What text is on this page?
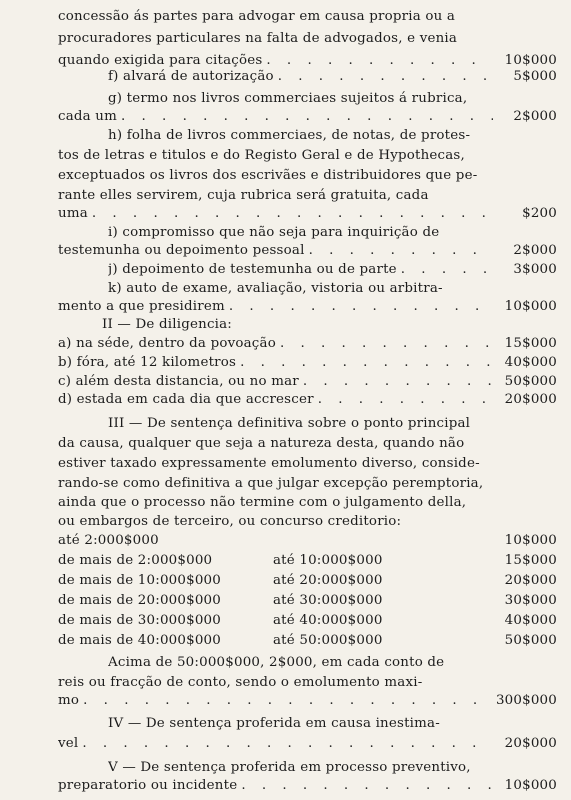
concessão ás partes para advogar em causa propria ou a
procuradores particulares na falta de advogados, e venia
quando exigida para citações . . .	10$000
f) alvará de autorização . . .	5$000
g) termo nos livros commerciaes sujeitos á rubrica,
cada um . . .	2$000
h) folha de livros commerciaes, de notas, de protes-
tos de letras e titulos e do Registo Geral e de Hypothecas,
exceptuados os livros dos escrivães e distribuidores que pe-
rante elles servirem, cuja rubrica será gratuita, cada
uma . . .	$200
i) compromisso que não seja para inquirição de
testemunha ou depoimento pessoal . . .	2$000
j) depoimento de testemunha ou de parte . . .	3$000
k) auto de exame, avaliação, vistoria ou arbitra-
mento a que presidirem . . .	10$000
II — De diligencia:
a) na séde, dentro da povoação . . .	15$000
b) fóra, até 12 kilometros . . .	40$000
c) além desta distancia, ou no mar . . .	50$000
d) estada em cada dia que accrescer . . .	20$000
III — De sentença definitiva sobre o ponto principal
da causa, qualquer que seja a natureza desta, quando não
estiver taxado expressamente emolumento diverso, conside-
rando-se como definitiva a que julgar excepção peremptoria,
ainda que o processo não termine com o julgamento della,
ou embargos de terceiro, ou concurso creditorio:
até 2:000$000	10$000
de mais de 2:000$000	até 10:000$000	15$000
de mais de 10:000$000	até 20:000$000	20$000
de mais de 20:000$000	até 30:000$000	30$000
de mais de 30:000$000	até 40:000$000	40$000
de mais de 40:000$000	até 50:000$000	50$000
Acima de 50:000$000, 2$000, em cada conto de
reis ou fracção de conto, sendo o emolumento maxi-
mo . . .	300$000
IV — De sentença proferida em causa inestima-
vel . . .	20$000
V — De sentença proferida em processo preventivo,
preparatorio ou incidente . . .	10$000
